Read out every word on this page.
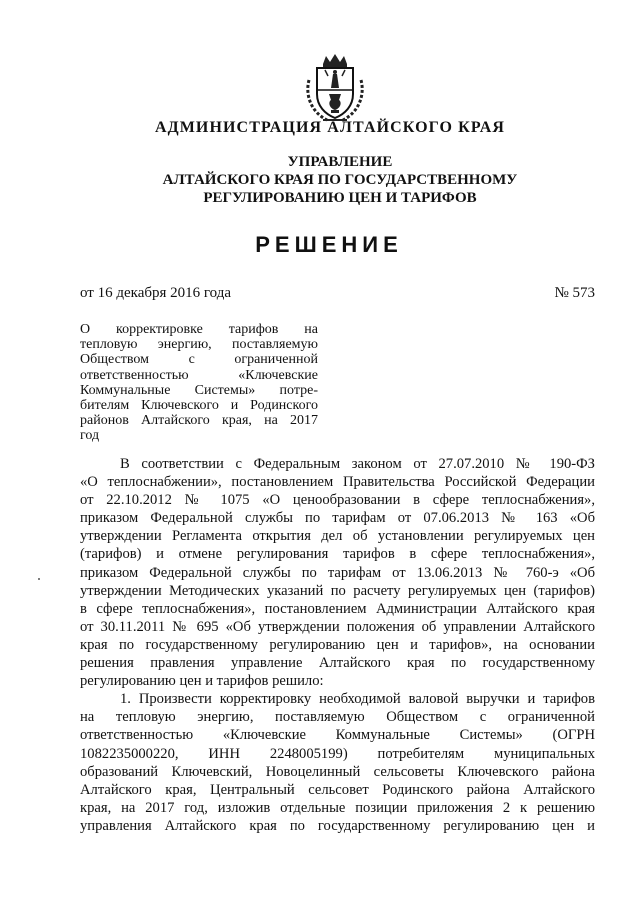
АДМИНИСТРАЦИЯ АЛТАЙСКОГО КРАЯ
УПРАВЛЕНИЕ
АЛТАЙСКОГО КРАЯ ПО ГОСУДАРСТВЕННОМУ
РЕГУЛИРОВАНИЮ ЦЕН И ТАРИФОВ
РЕШЕНИЕ
от 16 декабря 2016 года	№ 573
О корректировке тарифов на
тепловую энергию, поставляемую
Обществом с ограниченной
ответственностью «Ключевские
Коммунальные Системы» потре-
бителям Ключевского и Родинского
районов Алтайского края, на 2017
год
В соответствии с Федеральным законом от 27.07.2010 № 190-ФЗ
«О теплоснабжении», постановлением Правительства Российской Федерации
от 22.10.2012 № 1075 «О ценообразовании в сфере теплоснабжения»,
приказом Федеральной службы по тарифам от 07.06.2013 № 163 «Об
утверждении Регламента открытия дел об установлении регулируемых цен
(тарифов) и отмене регулирования тарифов в сфере теплоснабжения»,
приказом Федеральной службы по тарифам от 13.06.2013 № 760-э «Об
утверждении Методических указаний по расчету регулируемых цен (тарифов)
в сфере теплоснабжения», постановлением Администрации Алтайского края
от 30.11.2011 № 695 «Об утверждении положения об управлении Алтайского
края по государственному регулированию цен и тарифов», на основании
решения правления управление Алтайского края по государственному
регулированию цен и тарифов решило:
1. Произвести корректировку необходимой валовой выручки и тарифов
на тепловую энергию, поставляемую Обществом с ограниченной
ответственностью «Ключевские Коммунальные Системы» (ОГРН
1082235000220, ИНН 2248005199) потребителям муниципальных
образований Ключевский, Новоцелинный сельсоветы Ключевского района
Алтайского края, Центральный сельсовет Родинского района Алтайского
края, на 2017 год, изложив отдельные позиции приложения 2 к решению
управления Алтайского края по государственному регулированию цен и
